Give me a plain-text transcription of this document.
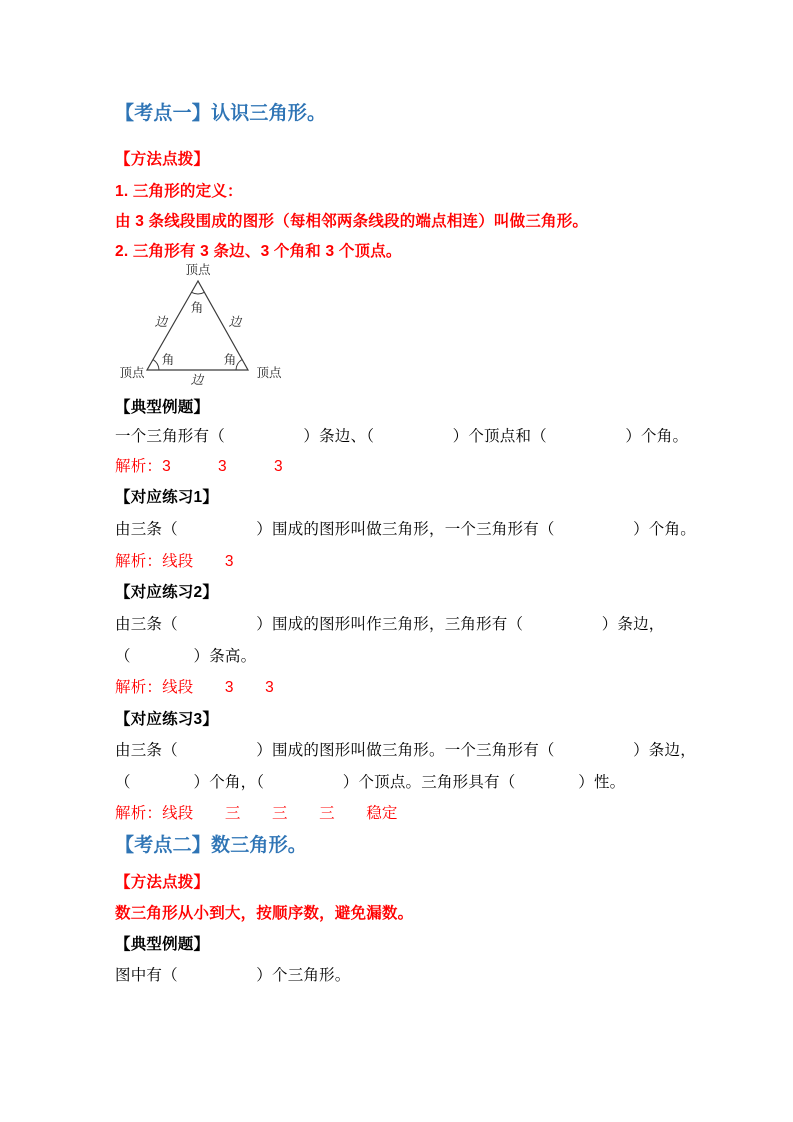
【考点一】认识三角形。
【方法点拨】
1. 三角形的定义：
由 3 条线段围成的图形（每相邻两条线段的端点相连）叫做三角形。
2. 三角形有 3 条边、3 个角和 3 个顶点。
顶点
角
边	边
角	角
顶点	顶点
边
【典型例题】
一个三角形有（　　　　　）条边、（　　　　　）个顶点和（　　　　　）个角。
解析：3　　　3　　　3
【对应练习1】
由三条（　　　　　）围成的图形叫做三角形，一个三角形有（　　　　　）个角。
解析：线段　　3
【对应练习2】
由三条（　　　　　）围成的图形叫作三角形，三角形有（　　　　　）条边，
（　　　　）条高。
解析：线段　　3　　3
【对应练习3】
由三条（　　　　　）围成的图形叫做三角形。一个三角形有（　　　　　）条边，
（　　　　）个角，（　　　　　）个顶点。三角形具有（　　　　）性。
解析：线段　　三　　三　　三　　稳定
【考点二】数三角形。
【方法点拨】
数三角形从小到大，按顺序数，避免漏数。
【典型例题】
图中有（　　　　　）个三角形。
